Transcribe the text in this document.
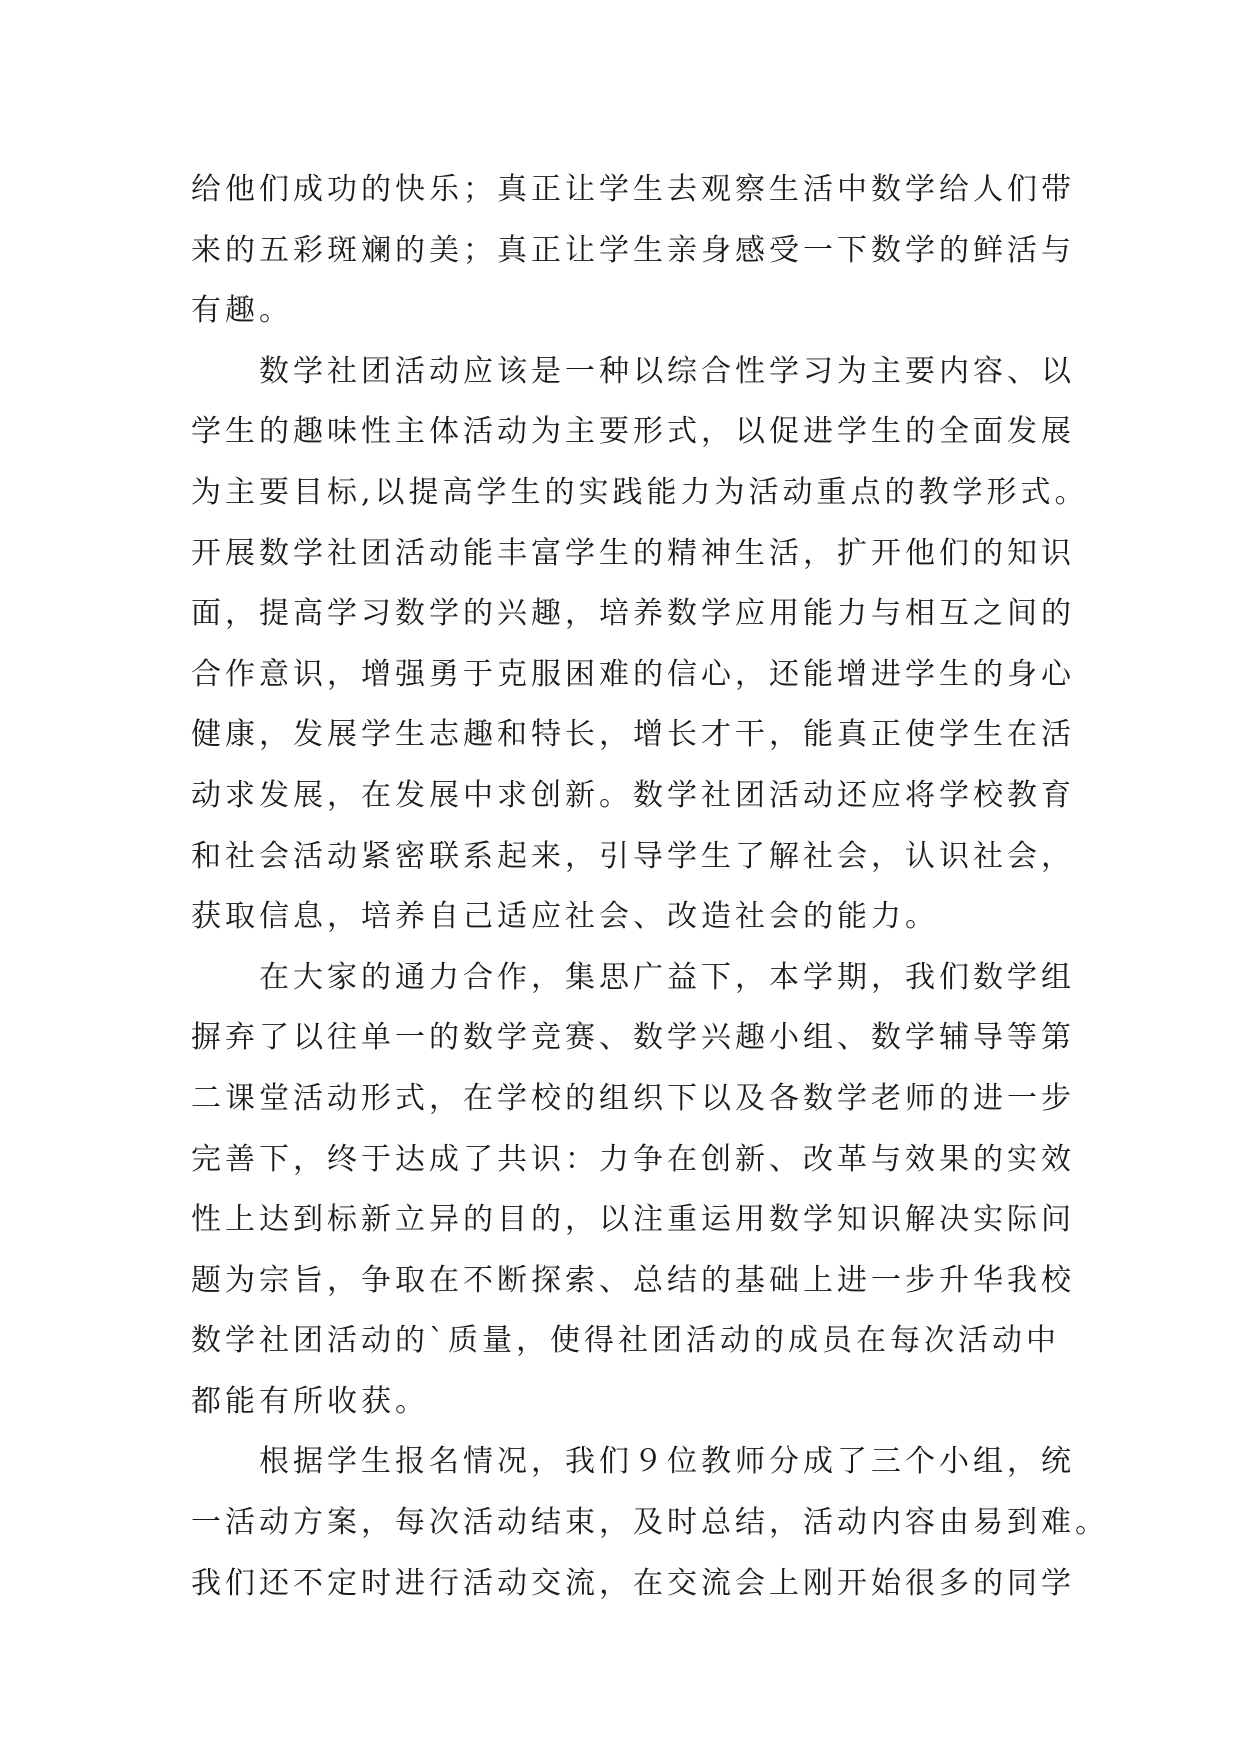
给他们成功的快乐；真正让学生去观察生活中数学给人们带
来的五彩斑斓的美；真正让学生亲身感受一下数学的鲜活与
有趣。
　　数学社团活动应该是一种以综合性学习为主要内容、以
学生的趣味性主体活动为主要形式，以促进学生的全面发展
为主要目标,以提高学生的实践能力为活动重点的教学形式。
开展数学社团活动能丰富学生的精神生活，扩开他们的知识
面，提高学习数学的兴趣，培养数学应用能力与相互之间的
合作意识，增强勇于克服困难的信心，还能增进学生的身心
健康，发展学生志趣和特长，增长才干，能真正使学生在活
动求发展，在发展中求创新。数学社团活动还应将学校教育
和社会活动紧密联系起来，引导学生了解社会，认识社会，
获取信息，培养自己适应社会、改造社会的能力。
　　在大家的通力合作，集思广益下，本学期，我们数学组
摒弃了以往单一的数学竞赛、数学兴趣小组、数学辅导等第
二课堂活动形式，在学校的组织下以及各数学老师的进一步
完善下，终于达成了共识：力争在创新、改革与效果的实效
性上达到标新立异的目的，以注重运用数学知识解决实际问
题为宗旨，争取在不断探索、总结的基础上进一步升华我校
数学社团活动的`质量，使得社团活动的成员在每次活动中
都能有所收获。
　　根据学生报名情况，我们９位教师分成了三个小组，统
一活动方案，每次活动结束，及时总结，活动内容由易到难。
我们还不定时进行活动交流，在交流会上刚开始很多的同学
